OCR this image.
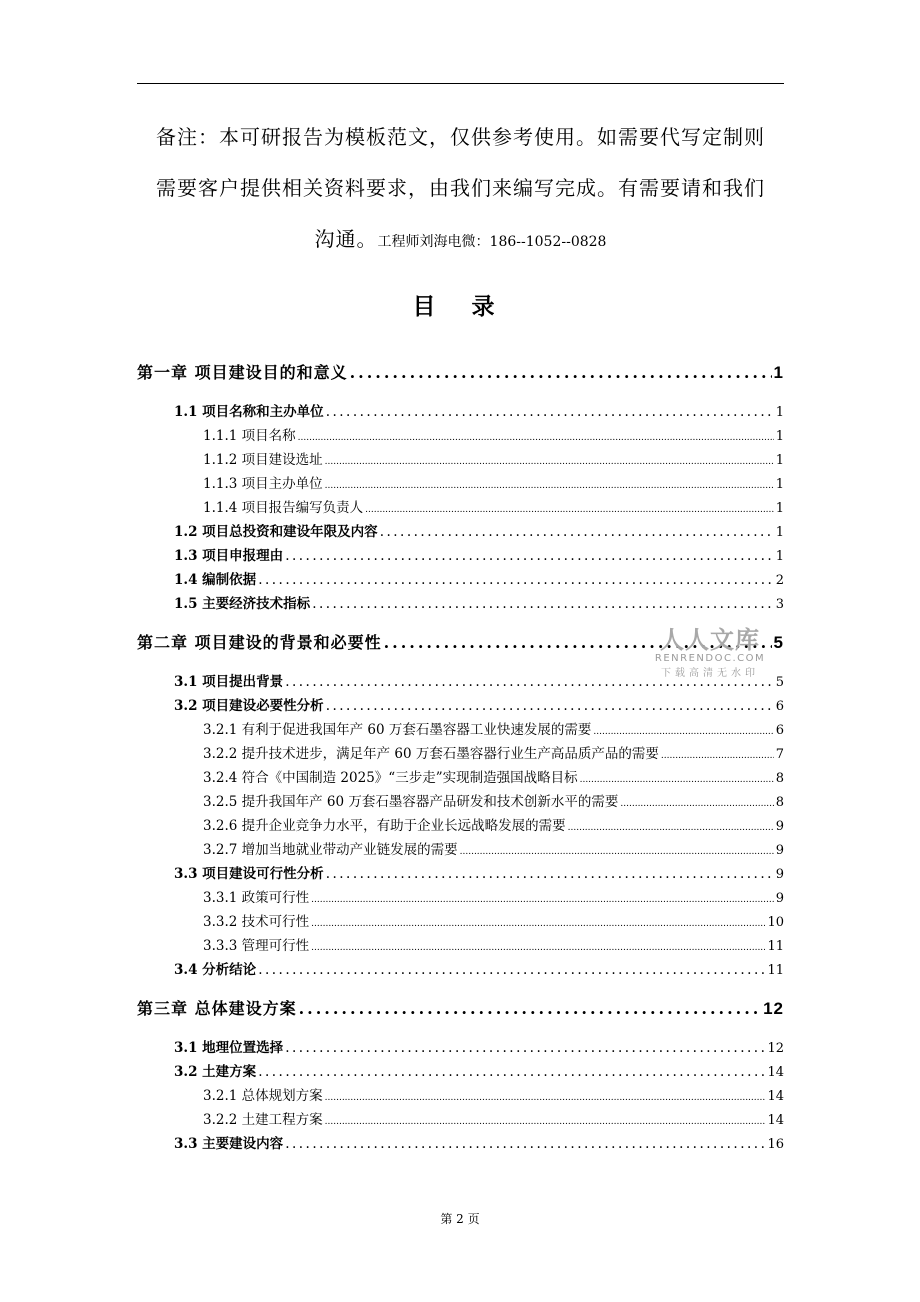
备注：本可研报告为模板范文，仅供参考使用。如需要代写定制则
需要客户提供相关资料要求，由我们来编写完成。有需要请和我们
沟通。工程师刘海电微：186--1052--0828
目 录
第一章 项目建设目的和意义 .....	1
1.1 项目名称和主办单位 .....	1
1.1.1 项目名称 .....	1
1.1.2 项目建设选址 .....	1
1.1.3 项目主办单位 .....	1
1.1.4 项目报告编写负责人 .....	1
1.2 项目总投资和建设年限及内容 .....	1
1.3 项目申报理由 .....	1
1.4 编制依据 .....	2
1.5 主要经济技术指标 .....	3
第二章 项目建设的背景和必要性 .....	5
3.1 项目提出背景 .....	5
3.2 项目建设必要性分析 .....	6
3.2.1 有利于促进我国年产 60 万套石墨容器工业快速发展的需要 .....	6
3.2.2 提升技术进步，满足年产 60 万套石墨容器行业生产高品质产品的需要 .....	7
3.2.4 符合《中国制造 2025》“三步走”实现制造强国战略目标 .....	8
3.2.5 提升我国年产 60 万套石墨容器产品研发和技术创新水平的需要 .....	8
3.2.6 提升企业竞争力水平，有助于企业长远战略发展的需要 .....	9
3.2.7 增加当地就业带动产业链发展的需要 .....	9
3.3 项目建设可行性分析 .....	9
3.3.1 政策可行性 .....	9
3.3.2 技术可行性 .....	10
3.3.3 管理可行性 .....	11
3.4 分析结论 .....	11
第三章 总体建设方案 .....	12
3.1 地理位置选择 .....	12
3.2 土建方案 .....	14
3.2.1 总体规划方案 .....	14
3.2.2 土建工程方案 .....	14
3.3 主要建设内容 .....	16
人人文库
RENRENDOC.COM
下载高清无水印
第 2 页
